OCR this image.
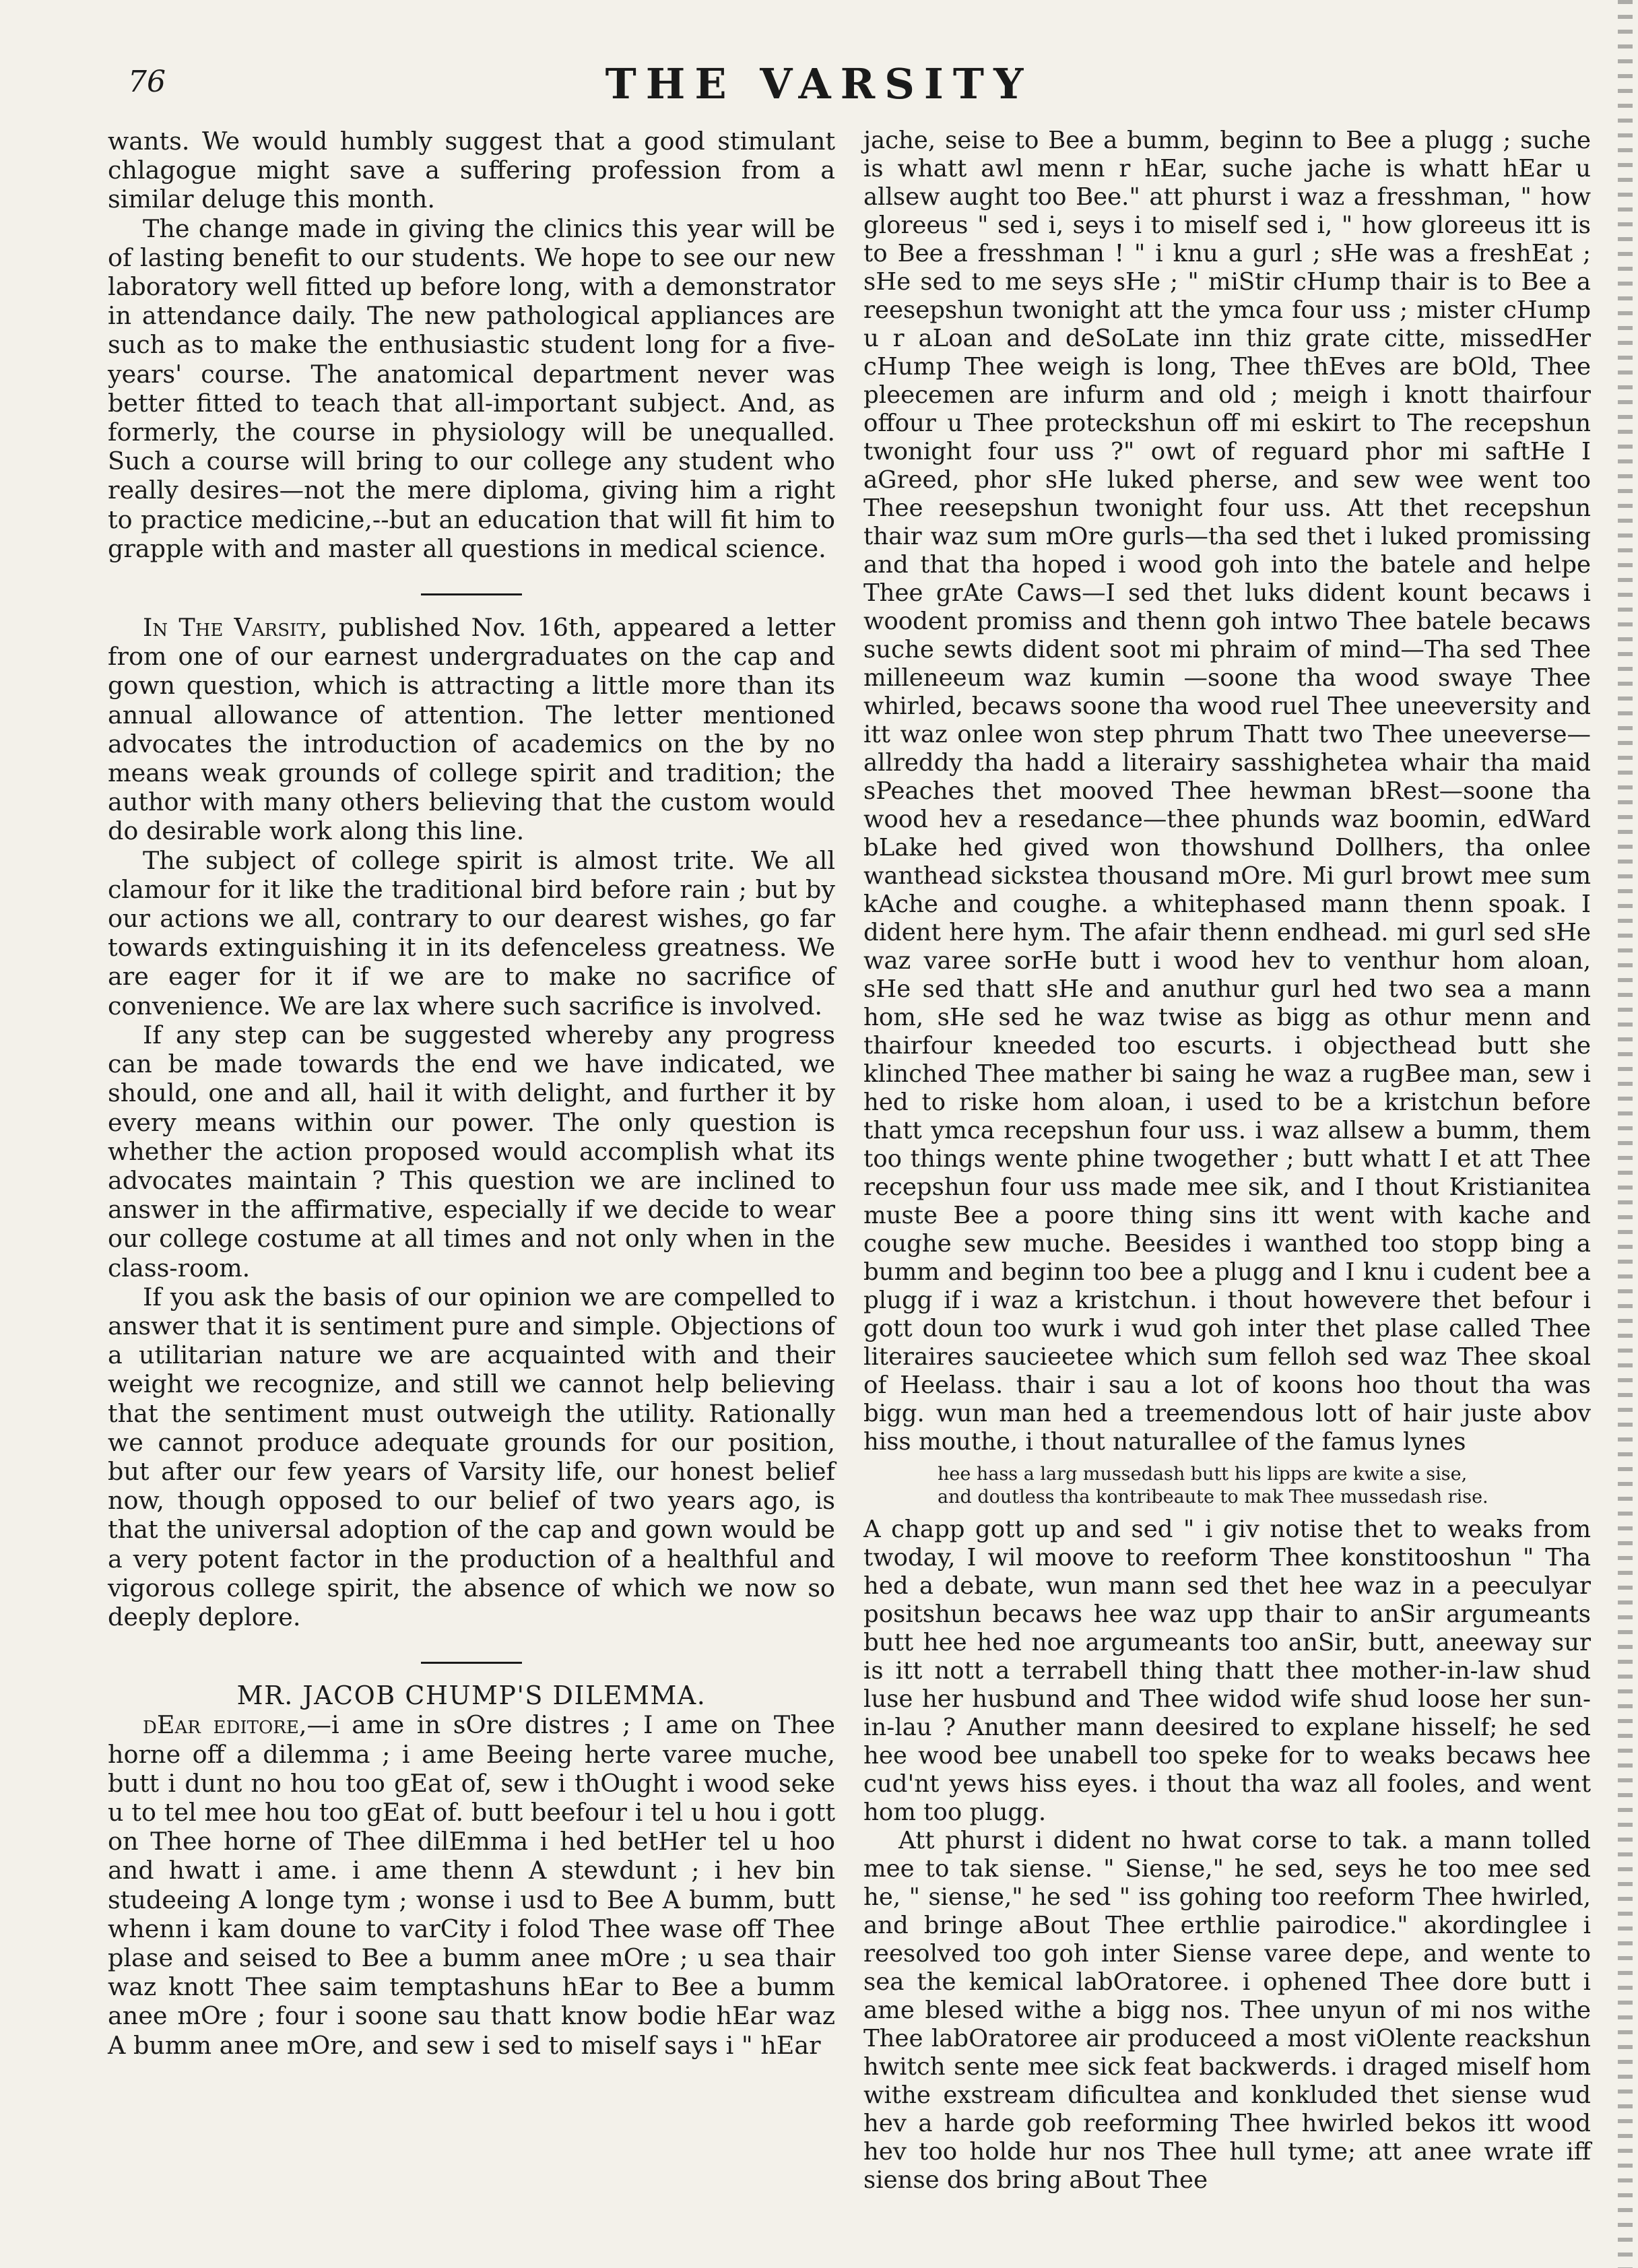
76	THE VARSITY

wants. We would humbly suggest that a good stimulant chlagogue might save a suffering profession from a similar deluge this month.

The change made in giving the clinics this year will be of lasting benefit to our students. We hope to see our new laboratory well fitted up before long, with a demonstrator in attendance daily. The new pathological appliances are such as to make the enthusiastic student long for a five-years' course. The anatomical department never was better fitted to teach that all-important subject. And, as formerly, the course in physiology will be unequalled. Such a course will bring to our college any student who really desires—not the mere diploma, giving him a right to practice medicine,--but an education that will fit him to grapple with and master all questions in medical science.

In The Varsity, published Nov. 16th, appeared a letter from one of our earnest undergraduates on the cap and gown question, which is attracting a little more than its annual allowance of attention. The letter mentioned advocates the introduction of academics on the by no means weak grounds of college spirit and tradition; the author with many others believing that the custom would do desirable work along this line.

The subject of college spirit is almost trite. We all clamour for it like the traditional bird before rain ; but by our actions we all, contrary to our dearest wishes, go far towards extinguishing it in its defenceless greatness. We are eager for it if we are to make no sacrifice of convenience. We are lax where such sacrifice is involved.

If any step can be suggested whereby any progress can be made towards the end we have indicated, we should, one and all, hail it with delight, and further it by every means within our power. The only question is whether the action proposed would accomplish what its advocates maintain ? This question we are inclined to answer in the affirmative, especially if we decide to wear our college costume at all times and not only when in the class-room.

If you ask the basis of our opinion we are compelled to answer that it is sentiment pure and simple. Objections of a utilitarian nature we are acquainted with and their weight we recognize, and still we cannot help believing that the sentiment must outweigh the utility. Rationally we cannot produce adequate grounds for our position, but after our few years of Varsity life, our honest belief now, though opposed to our belief of two years ago, is that the universal adoption of the cap and gown would be a very potent factor in the production of a healthful and vigorous college spirit, the absence of which we now so deeply deplore.

MR. JACOB CHUMP'S DILEMMA.

dEar editore,—i ame in sOre distres ; I ame on Thee horne off a dilemma ; i ame Beeing herte varee muche, butt i dunt no hou too gEat of, sew i thOught i wood seke u to tel mee hou too gEat of. butt beefour i tel u hou i gott on Thee horne of Thee dilEmma i hed betHer tel u hoo and hwatt i ame. i ame thenn A stewdunt ; i hev bin studeeing A longe tym ; wonse i usd to Bee A bumm, butt whenn i kam doune to varCity i folod Thee wase off Thee plase and seised to Bee a bumm anee mOre ; u sea thair waz knott Thee saim temptashuns hEar to Bee a bumm anee mOre ; four i soone sau thatt know bodie hEar waz A bumm anee mOre, and sew i sed to miself says i " hEar

jache, seise to Bee a bumm, beginn to Bee a plugg ; suche is whatt awl menn r hEar, suche jache is whatt hEar u allsew aught too Bee." att phurst i waz a fresshman, " how gloreeus " sed i, seys i to miself sed i, " how gloreeus itt is to Bee a fresshman ! " i knu a gurl ; sHe was a freshEat ; sHe sed to me seys sHe ; " miStir cHump thair is to Bee a reesepshun twonight att the ymca four uss ; mister cHump u r aLoan and deSoLate inn thiz grate citte, missedHer cHump Thee weigh is long, Thee thEves are bOld, Thee pleecemen are infurm and old ; meigh i knott thairfour offour u Thee proteckshun off mi eskirt to The recepshun twonight four uss ?" owt of reguard phor mi saftHe I aGreed, phor sHe luked pherse, and sew wee went too Thee reesepshun twonight four uss. Att thet recepshun thair waz sum mOre gurls—tha sed thet i luked promissing and that tha hoped i wood goh into the batele and helpe Thee grAte Caws—I sed thet luks dident kount becaws i woodent promiss and thenn goh intwo Thee batele becaws suche sewts dident soot mi phraim of mind—Tha sed Thee milleneeum waz kumin —soone tha wood swaye Thee whirled, becaws soone tha wood ruel Thee uneeversity and itt waz onlee won step phrum Thatt two Thee uneeverse—allreddy tha hadd a literairy sasshighetea whair tha maid sPeaches thet mooved Thee hewman bRest—soone tha wood hev a resedance—thee phunds waz boomin, edWard bLake hed gived won thowshund Dollhers, tha onlee wanthead sickstea thousand mOre. Mi gurl browt mee sum kAche and coughe. a whitephased mann thenn spoak. I dident here hym. The afair thenn endhead. mi gurl sed sHe waz varee sorHe butt i wood hev to venthur hom aloan, sHe sed thatt sHe and anuthur gurl hed two sea a mann hom, sHe sed he waz twise as bigg as othur menn and thairfour kneeded too escurts. i objecthead butt she klinched Thee mather bi saing he waz a rugBee man, sew i hed to riske hom aloan, i used to be a kristchun before thatt ymca recepshun four uss. i waz allsew a bumm, them too things wente phine twogether ; butt whatt I et att Thee recepshun four uss made mee sik, and I thout Kristianitea muste Bee a poore thing sins itt went with kache and coughe sew muche. Beesides i wanthed too stopp bing a bumm and beginn too bee a plugg and I knu i cudent bee a plugg if i waz a kristchun. i thout howevere thet befour i gott doun too wurk i wud goh inter thet plase called Thee literaires saucieetee which sum felloh sed waz Thee skoal of Heelass. thair i sau a lot of koons hoo thout tha was bigg. wun man hed a treemendous lott of hair juste abov hiss mouthe, i thout naturallee of the famus lynes

hee hass a larg mussedash butt his lipps are kwite a sise,
and doutless tha kontribeaute to mak Thee mussedash rise.

A chapp gott up and sed " i giv notise thet to weaks from twoday, I wil moove to reeform Thee konstitooshun " Tha hed a debate, wun mann sed thet hee waz in a peeculyar positshun becaws hee waz upp thair to anSir argumeants butt hee hed noe argumeants too anSir, butt, aneeway sur is itt nott a terrabell thing thatt thee mother-in-law shud luse her husbund and Thee widod wife shud loose her sun-in-lau ? Anuther mann deesired to explane hisself; he sed hee wood bee unabell too speke for to weaks becaws hee cud'nt yews hiss eyes. i thout tha waz all fooles, and went hom too plugg.

Att phurst i dident no hwat corse to tak. a mann tolled mee to tak siense. " Siense," he sed, seys he too mee sed he, " siense," he sed " iss gohing too reeform Thee hwirled, and bringe aBout Thee erthlie pairodice." akordinglee i reesolved too goh inter Siense varee depe, and wente to sea the kemical labOratoree. i ophened Thee dore butt i ame blesed withe a bigg nos. Thee unyun of mi nos withe Thee labOratoree air produceed a most viOlente reackshun hwitch sente mee sick feat backwerds. i draged miself hom withe exstream dificultea and konkluded thet siense wud hev a harde gob reeforming Thee hwirled bekos itt wood hev too holde hur nos Thee hull tyme; att anee wrate iff siense dos bring aBout Thee
